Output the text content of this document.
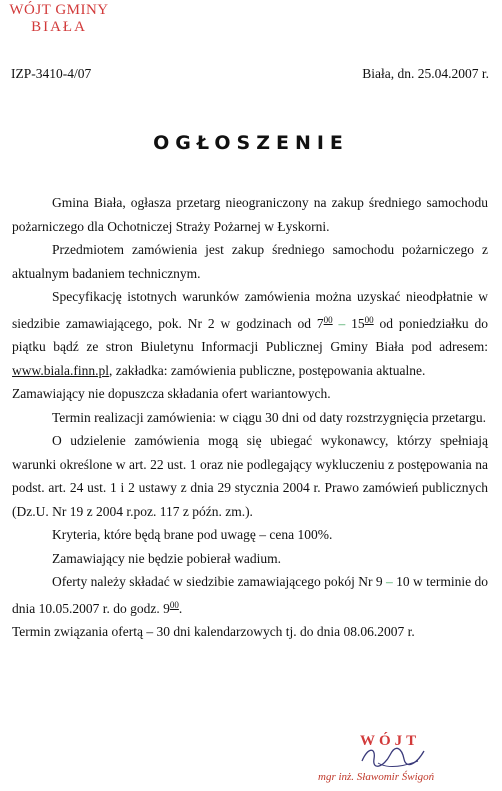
WÓJT GMINY
BIAŁA
IZP-3410-4/07	Biała, dn. 25.04.2007 r.
OGŁOSZENIE

Gmina Biała, ogłasza przetarg nieograniczony na zakup średniego samochodu pożarniczego dla Ochotniczej Straży Pożarnej w Łyskorni.

Przedmiotem zamówienia jest zakup średniego samochodu pożarniczego z aktualnym badaniem technicznym.

Specyfikację istotnych warunków zamówienia można uzyskać nieodpłatnie w siedzibie zamawiającego, pok. Nr 2 w godzinach od $7^{00} - 15^{00}$ od poniedziałku do piątku bądź ze stron Biuletynu Informacji Publicznej Gminy Biała pod adresem: www.biala.finn.pl, zakładka: zamówienia publiczne, postępowania aktualne.

Zamawiający nie dopuszcza składania ofert wariantowych.

Termin realizacji zamówienia: w ciągu 30 dni od daty rozstrzygnięcia przetargu.

O udzielenie zamówienia mogą się ubiegać wykonawcy, którzy spełniają warunki określone w art. 22 ust. 1 oraz nie podlegający wykluczeniu z postępowania na podst. art. 24 ust. 1 i 2 ustawy z dnia 29 stycznia 2004 r. Prawo zamówień publicznych (Dz.U. Nr 19 z 2004 r.poz. 117 z późn. zm.).

Kryteria, które będą brane pod uwagę – cena 100%.

Zamawiający nie będzie pobierał wadium.

Oferty należy składać w siedzibie zamawiającego pokój Nr 9 – 10 w terminie do dnia 10.05.2007 r. do godz. $9^{00}$.

Termin związania ofertą – 30 dni kalendarzowych tj. do dnia 08.06.2007 r.

WÓJT
mgr inż. Sławomir Świgoń
